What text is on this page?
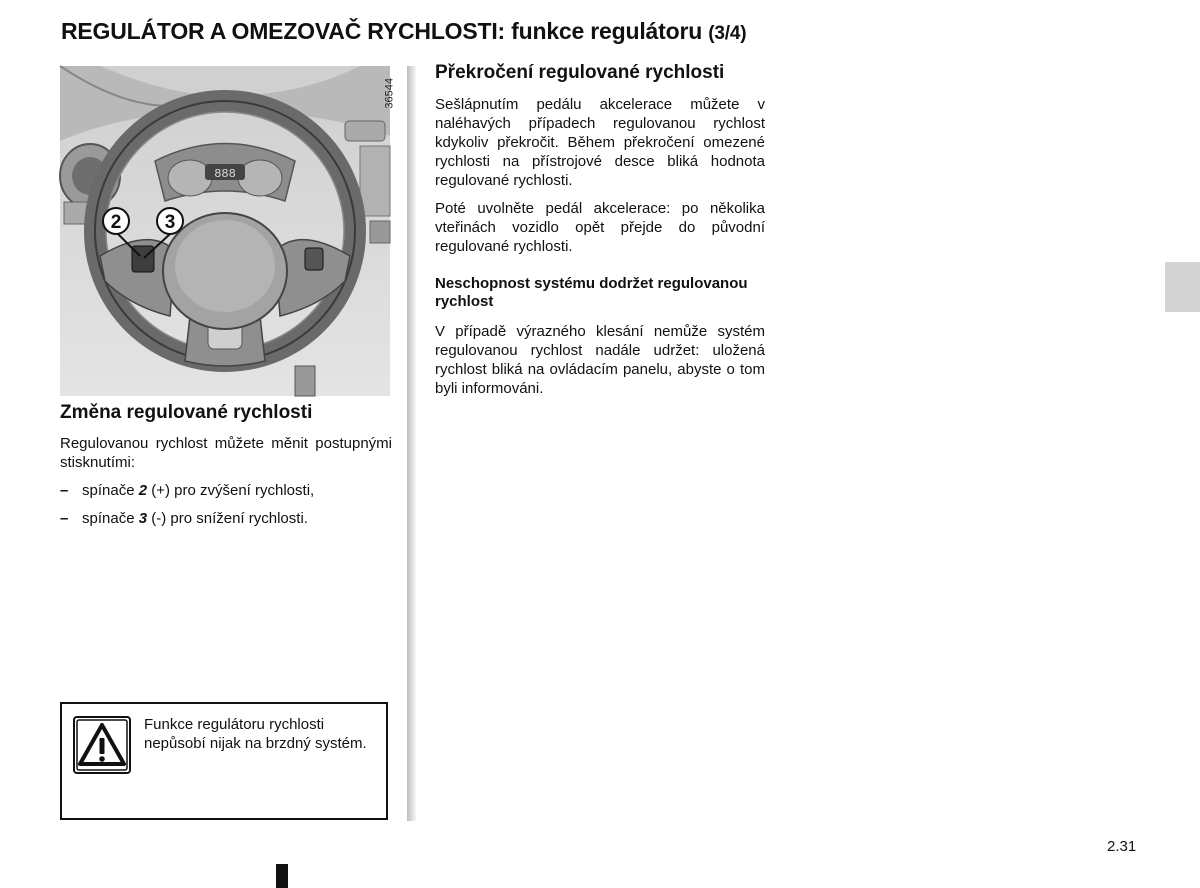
REGULÁTOR A OMEZOVAČ RYCHLOSTI: funkce regulátoru (3/4)
2 3
888
36544
Změna regulované rychlosti

Regulovanou rychlost můžete měnit postupnými stisknutími:

– spínače 2 (+) pro zvýšení rychlosti,
– spínače 3 (-) pro snížení rychlosti.

Funkce regulátoru rychlosti nepůsobí nijak na brzdný systém.

Překročení regulované rychlosti

Sešlápnutím pedálu akcelerace můžete v naléhavých případech regulovanou rychlost kdykoliv překročit. Během překročení omezené rychlosti na přístrojové desce bliká hodnota regulované rychlosti.

Poté uvolněte pedál akcelerace: po několika vteřinách vozidlo opět přejde do původní regulované rychlosti.

Neschopnost systému dodržet regulovanou rychlost

V případě výrazného klesání nemůže systém regulovanou rychlost nadále udržet: uložená rychlost bliká na ovládacím panelu, abyste o tom byli informováni.

2.31
